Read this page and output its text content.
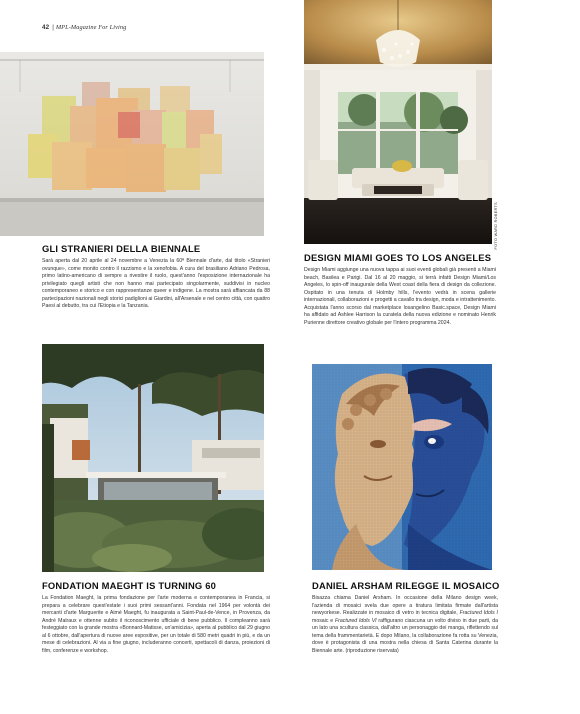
42 | MPL-Magazine For Living
FOTO WARD ROBERTS
GLI STRANIERI DELLA BIENNALE

Sarà aperta dal 20 aprile al 24 novembre a Venezia la 60ª Biennale d'arte, dal titolo «Stranieri ovunque», come monito contro il razzismo e la xenofobia. A cura del brasiliano Adriano Pedrosa, primo latino-americano di sempre a rivestire il ruolo, quest'anno l'esposizione internazionale ha privilegiato quegli artisti che non hanno mai partecipato singolarmente, suddivisi in nucleo contemporaneo e storico e con rappresentanze queer e indigene. La mostra sarà affiancata da 88 partecipazioni nazionali negli storici padiglioni ai Giardini, all'Arsenale e nel centro città, con quattro Paesi al debutto, tra cui l'Etiopia e la Tanzania.

DESIGN MIAMI GOES TO LOS ANGELES

Design Miami aggiunge una nuova tappa ai suoi eventi globali già presenti a Miami beach, Basilea e Parigi. Dal 16 al 20 maggio, si terrà infatti Design Miami/Los Angeles, lo spin-off inaugurale della West coast della fiera di design da collezione. Ospitato in una tenuta di Holmby hills, l'evento vedrà in scena gallerie internazionali, collaborazioni e progetti a cavallo tra design, moda e intrattenimento. Acquistata l'anno scorso dal marketplace losangelino Basic.space, Design Miami ha affidato ad Ashlee Harrison la curatela della nuova edizione e nominato Henrik Purienne direttore creativo globale per l'intero programma 2024.

FONDATION MAEGHT IS TURNING 60

La Fondation Maeght, la prima fondazione per l'arte moderna e contemporanea in Francia, si prepara a celebrare quest'estate i suoi primi sessant'anni. Fondata nel 1964 per volontà dei mercanti d'arte Marguerite e Aimé Maeght, fu inaugurata a Saint-Paul-de-Vence, in Provenza, da André Malraux e ottenne subito il riconoscimento ufficiale di bene pubblico. Il compleanno sarà festeggiato con la grande mostra «Bonnard-Matisse, un'amicizia», aperta al pubblico dal 29 giugno al 6 ottobre, dall'apertura di nuove aree espositive, per un totale di 580 metri quadri in più, e da un mese di celebrazioni. Al via a fine giugno, includeranno concerti, spettacoli di danza, proiezioni di film, conferenze e workshop.

DANIEL ARSHAM RILEGGE IL MOSAICO

Bisazza chiama Daniel Arsham. In occasione della Milano design week, l'azienda di mosaici svela due opere a tiratura limitata firmate dall'artista newyorkese. Realizzate in mosaico di vetro in tecnica digitale, Fractured Idols I mosaic e Fractured Idols VI raffigurano ciascuna un volto diviso in due parti, da un lato una scultura classica, dall'altro un personaggio dei manga, riflettendo sul tema della frammentarietà. E dopo Milano, la collaborazione fa rotta su Venezia, dove è protagonista di una mostra nella chiesa di Santa Caterina durante la Biennale arte. (riproduzione riservata)
